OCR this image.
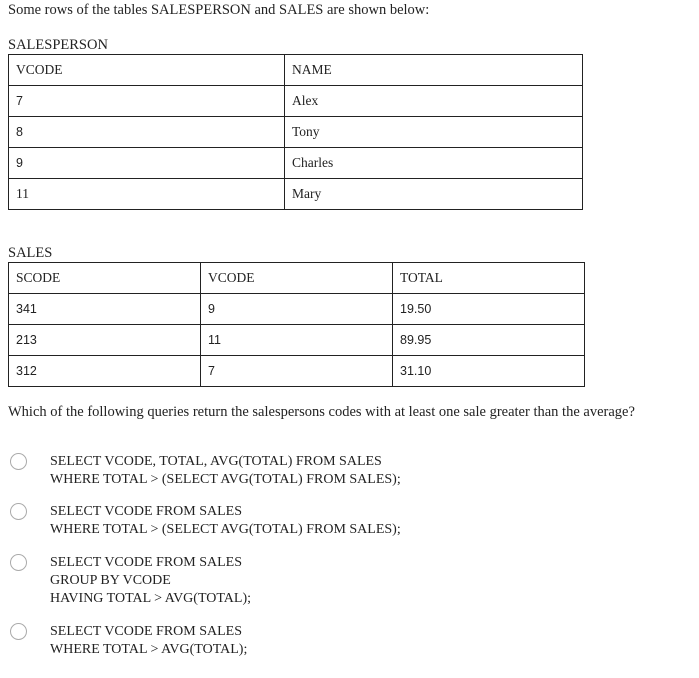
Some rows of the tables SALESPERSON and SALES are shown below:
SALESPERSON
VCODE	NAME
7	Alex
8	Tony
9	Charles
11	Mary
SALES
SCODE	VCODE	TOTAL
341	9	19.50
213	11	89.95
312	7	31.10
Which of the following queries return the salespersons codes with at least one sale greater than the average?
SELECT VCODE, TOTAL, AVG(TOTAL) FROM SALES
WHERE TOTAL > (SELECT AVG(TOTAL) FROM SALES);
SELECT VCODE FROM SALES
WHERE TOTAL > (SELECT AVG(TOTAL) FROM SALES);
SELECT VCODE FROM SALES
GROUP BY VCODE
HAVING TOTAL > AVG(TOTAL);
SELECT VCODE FROM SALES
WHERE TOTAL > AVG(TOTAL);
